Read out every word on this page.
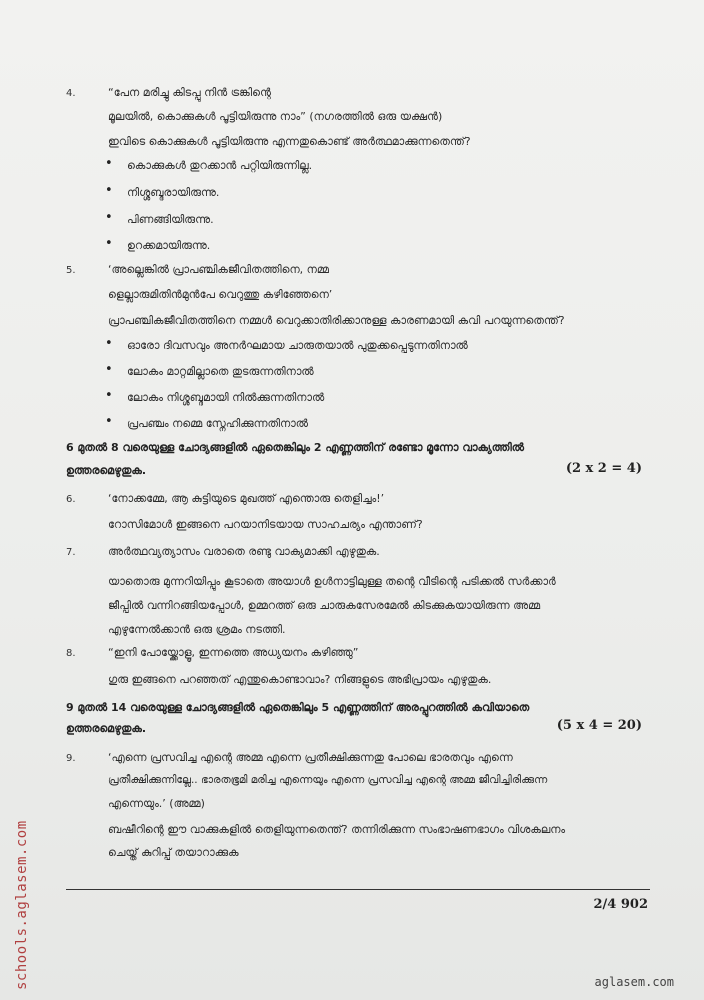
4.	“പേന മരിച്ചു കിടപ്പു നിൻ ട്രങ്കിന്റെ
മൂലയിൽ, കൊക്കുകൾ പൂട്ടിയിരുന്നു നാം” (നഗരത്തിൽ ഒരു യക്ഷൻ)
ഇവിടെ കൊക്കുകൾ പൂട്ടിയിരുന്നു എന്നതുകൊണ്ട് അർത്ഥമാക്കുന്നതെന്ത്?
• കൊക്കുകൾ തുറക്കാൻ പറ്റിയിരുന്നില്ല.
• നിശ്ശബ്ദരായിരുന്നു.
• പിണങ്ങിയിരുന്നു.
• ഉറക്കമായിരുന്നു.
5.	‘അല്ലെങ്കിൽ പ്രാപഞ്ചികജീവിതത്തിനെ, നമ്മ
ളെല്ലാരുമിതിൻമുൻപേ വെറുത്തു കഴിഞ്ഞേനെ’
പ്രാപഞ്ചികജീവിതത്തിനെ നമ്മൾ വെറുക്കാതിരിക്കാനുള്ള കാരണമായി കവി പറയുന്നതെന്ത്?
• ഓരോ ദിവസവും അനർഘമായ ചാരുതയാൽ പുതുക്കപ്പെടുന്നതിനാൽ
• ലോകം മാറ്റമില്ലാതെ തുടരുന്നതിനാൽ
• ലോകം നിശ്ശബ്ദമായി നിൽക്കുന്നതിനാൽ
• പ്രപഞ്ചം നമ്മെ സ്നേഹിക്കുന്നതിനാൽ
6 മുതൽ 8 വരെയുള്ള ചോദ്യങ്ങളിൽ ഏതെങ്കിലും 2 എണ്ണത്തിന് രണ്ടോ മൂന്നോ വാക്യത്തിൽ
ഉത്തരമെഴുതുക.	(2 x 2 = 4)
6.	‘നോക്കമ്മേ, ആ കുട്ടിയുടെ മുഖത്ത് എന്തൊരു തെളിച്ചം!’
റോസിമോൾ ഇങ്ങനെ പറയാനിടയായ സാഹചര്യം എന്താണ്?
7.	അർത്ഥവ്യത്യാസം വരാതെ രണ്ടു വാക്യമാക്കി എഴുതുക.
യാതൊരു മുന്നറിയിപ്പും കൂടാതെ അയാൾ ഉൾനാട്ടിലുള്ള തന്റെ വീടിന്റെ പടിക്കൽ സർക്കാർ
ജീപ്പിൽ വന്നിറങ്ങിയപ്പോൾ, ഉമ്മറത്ത് ഒരു ചാരുകസേരമേൽ കിടക്കുകയായിരുന്ന അമ്മ
എഴുന്നേൽക്കാൻ ഒരു ശ്രമം നടത്തി.
8.	“ഇനി പോയ്ക്കോളൂ, ഇന്നത്തെ അധ്യയനം കഴിഞ്ഞു”
ഗുരു ഇങ്ങനെ പറഞ്ഞത് എന്തുകൊണ്ടാവാം? നിങ്ങളുടെ അഭിപ്രായം എഴുതുക.
9 മുതൽ 14 വരെയുള്ള ചോദ്യങ്ങളിൽ ഏതെങ്കിലും 5 എണ്ണത്തിന് അരപ്പുറത്തിൽ കവിയാതെ
ഉത്തരമെഴുതുക.	(5 x 4 = 20)
9.	‘എന്നെ പ്രസവിച്ച എന്റെ അമ്മ എന്നെ പ്രതീക്ഷിക്കുന്നതു പോലെ ഭാരതവും എന്നെ
പ്രതീക്ഷിക്കുന്നില്ലേ.. ഭാരതഭൂമി മരിച്ച എന്നെയും എന്നെ പ്രസവിച്ച എന്റെ അമ്മ ജീവിച്ചിരിക്കുന്ന
എന്നെയും.’ (അമ്മ)
ബഷീറിന്റെ ഈ വാക്കുകളിൽ തെളിയുന്നതെന്ത്? തന്നിരിക്കുന്ന സംഭാഷണഭാഗം വിശകലനം
ചെയ്ത് കുറിപ്പ് തയാറാക്കുക
2/4 902
schools.aglasem.com	aglasem.com
